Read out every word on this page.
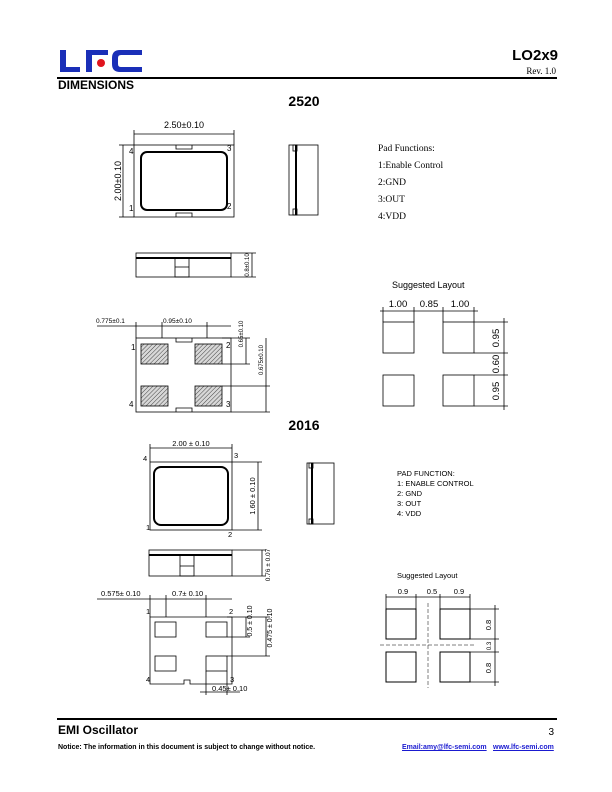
LO2x9
Rev. 1.0
DIMENSIONS
2520
2.50±0.10
2.00±0.10
4
1
3
2
0.8±0.10
0.775±0.1	0.95±0.10	0.65±0.10
0.675±0.10
1	2
4	3
Pad Functions:
1:Enable Control
2:GND
3:OUT
4:VDD
Suggested Layout
1.00 0.85 1.00
0.95
0.60
0.95
2016
2.00 ± 0.10
1.60 ± 0.10
4	3
1
2
0.76 ± 0.07
0.575± 0.10	0.7± 0.10
0.5 ± 0.10 0.475 ± 0.10
0.45± 0.10
1	2
4	3
PAD FUNCTION:
1: ENABLE CONTROL
2: GND
3: OUT
4: VDD
Suggested Layout
0.9 0.5 0.9
0.8
0.3
0.8
EMI Oscillator	3
Notice: The information in this document is subject to change without notice.	Email:amy@lfc-semi.com www.lfc-semi.com
